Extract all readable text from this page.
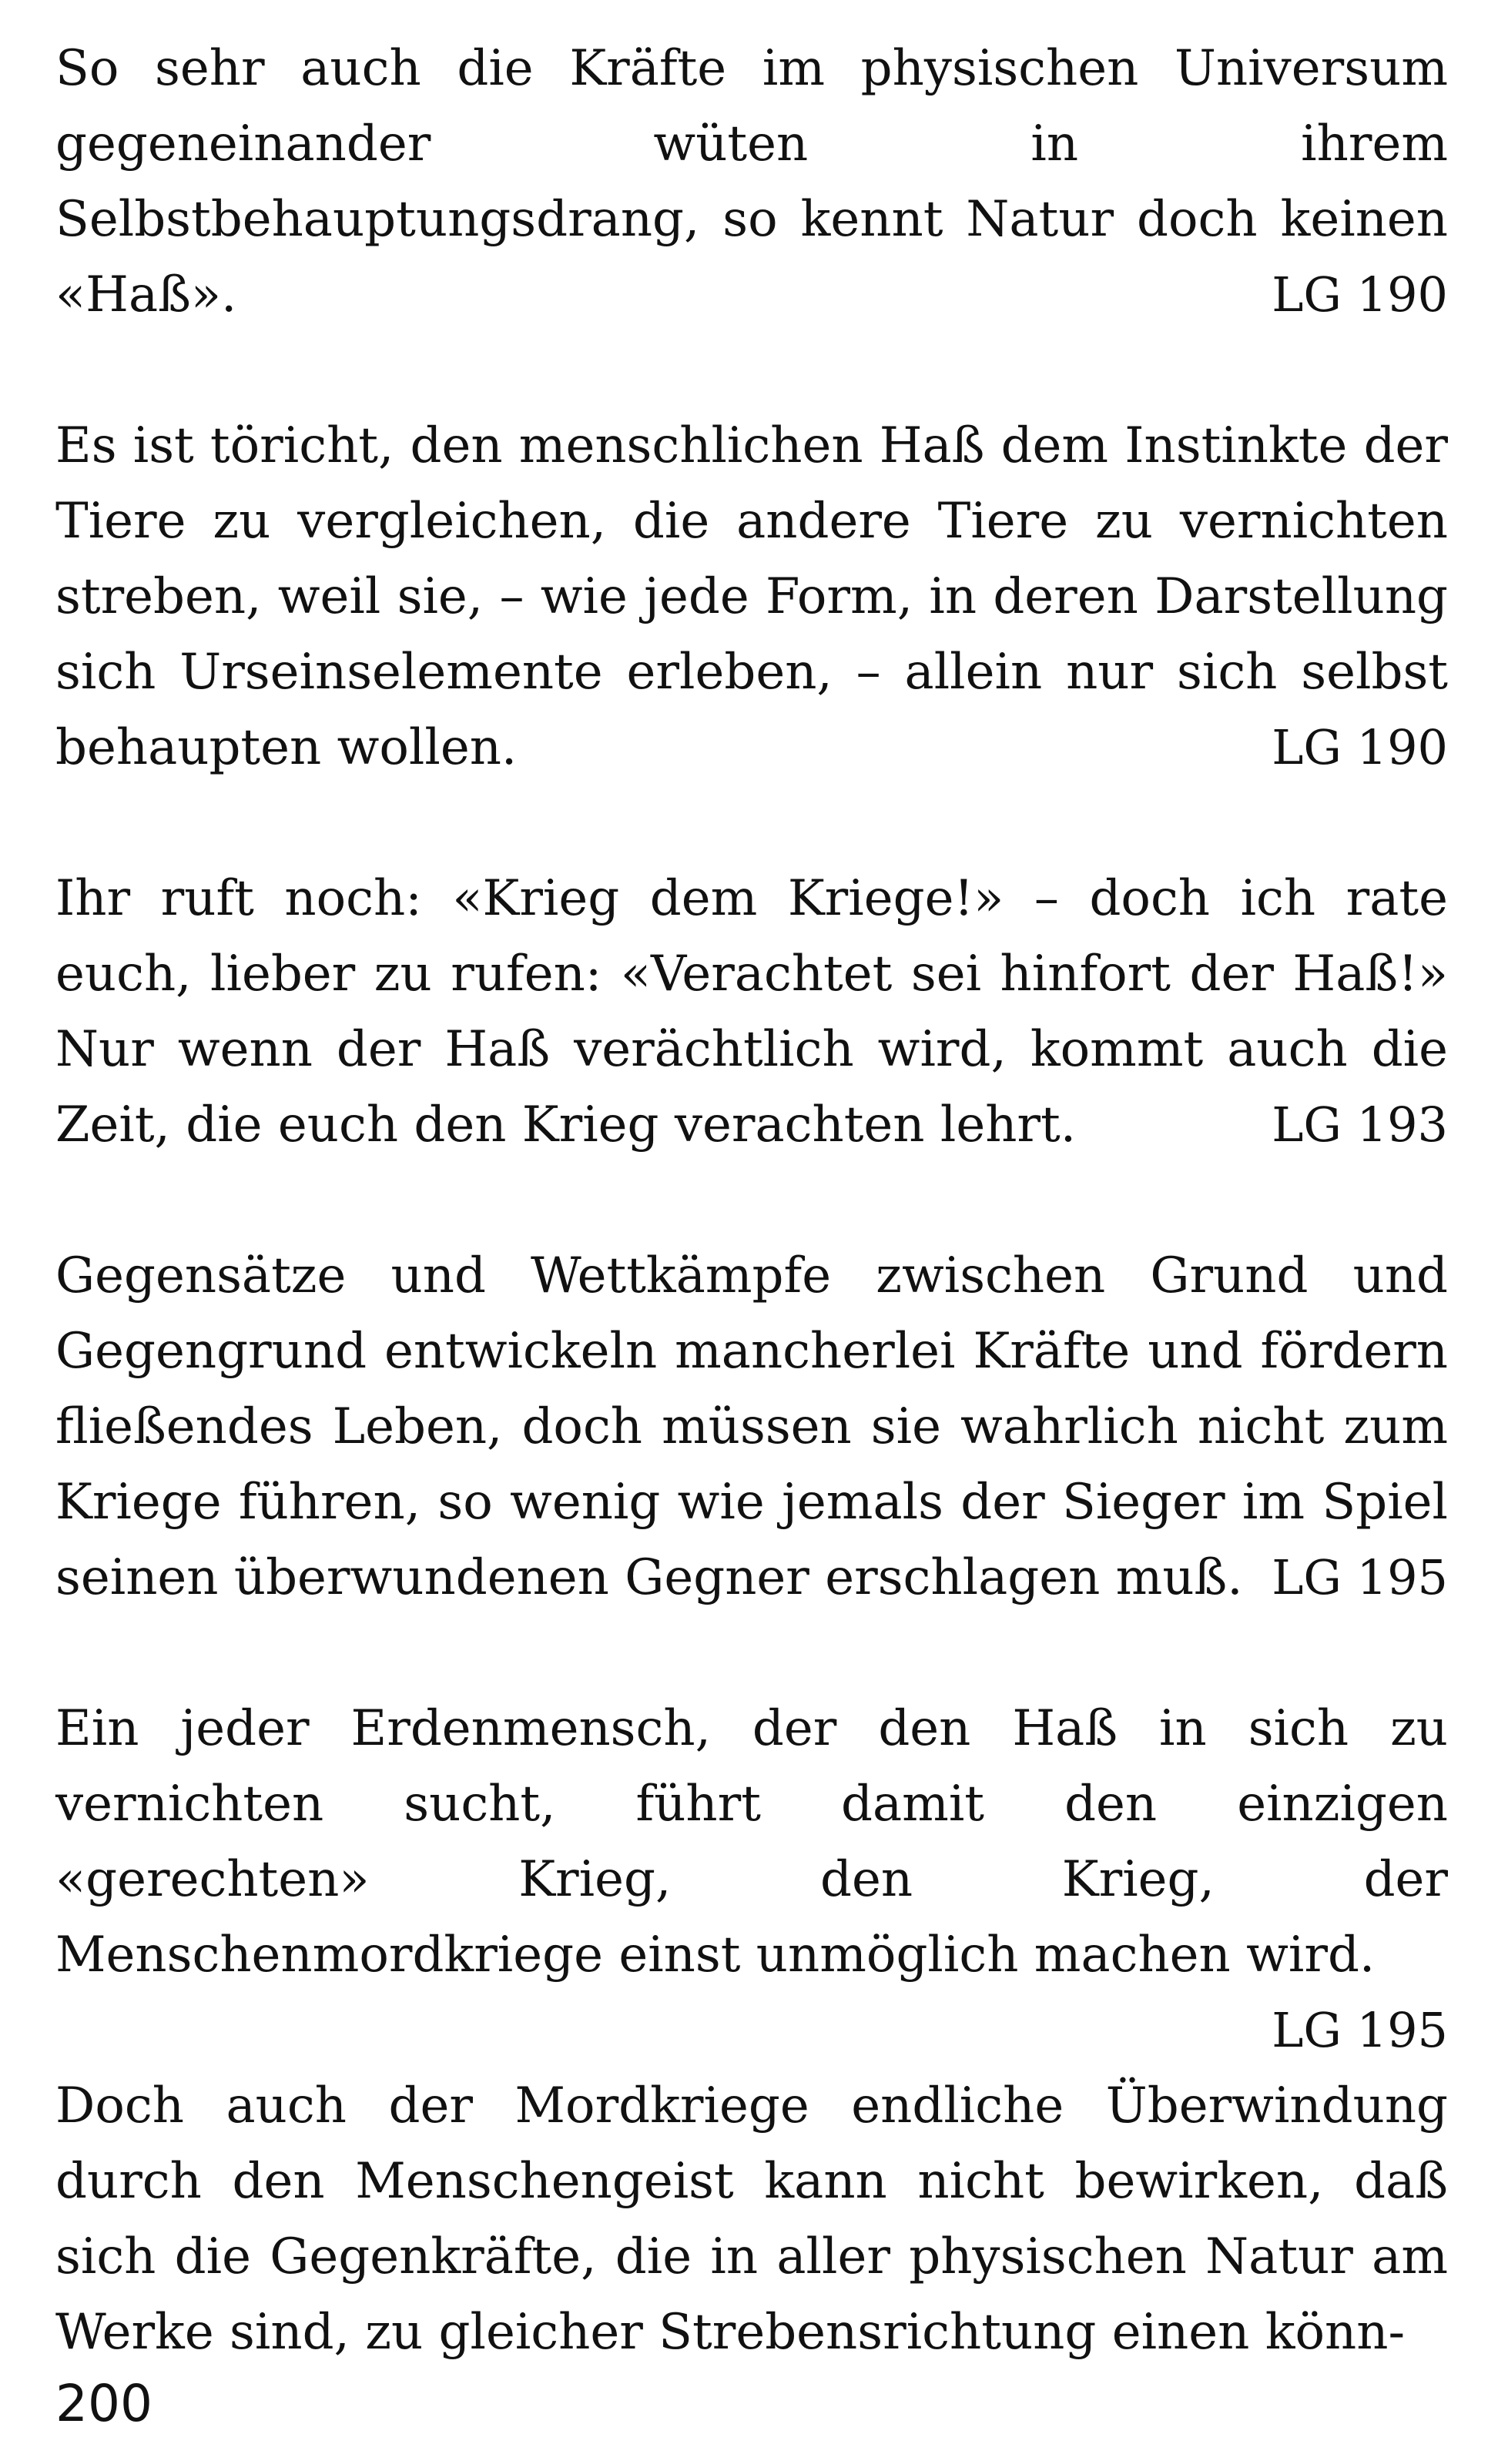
So sehr auch die Kräfte im physischen Universum gegeneinander wüten in ihrem Selbstbehauptungsdrang, so kennt Natur doch keinen «Haß».	LG 190

Es ist töricht, den menschlichen Haß dem Instinkte der Tiere zu vergleichen, die andere Tiere zu vernichten streben, weil sie, – wie jede Form, in deren Darstellung sich Urseinselemente erleben, – allein nur sich selbst behaupten wollen.	LG 190

Ihr ruft noch: «Krieg dem Kriege!» – doch ich rate euch, lieber zu rufen: «Verachtet sei hinfort der Haß!» Nur wenn der Haß verächtlich wird, kommt auch die Zeit, die euch den Krieg verachten lehrt.	LG 193

Gegensätze und Wettkämpfe zwischen Grund und Gegengrund entwickeln mancherlei Kräfte und fördern fließendes Leben, doch müssen sie wahrlich nicht zum Kriege führen, so wenig wie jemals der Sieger im Spiel seinen überwundenen Gegner erschlagen muß. LG 195

Ein jeder Erdenmensch, der den Haß in sich zu vernichten sucht, führt damit den einzigen «gerechten» Krieg, den Krieg, der Menschenmordkriege einst unmöglich machen wird.
LG 195

Doch auch der Mordkriege endliche Überwindung durch den Menschengeist kann nicht bewirken, daß sich die Gegenkräfte, die in aller physischen Natur am Werke sind, zu gleicher Strebensrichtung einen könn-

200
